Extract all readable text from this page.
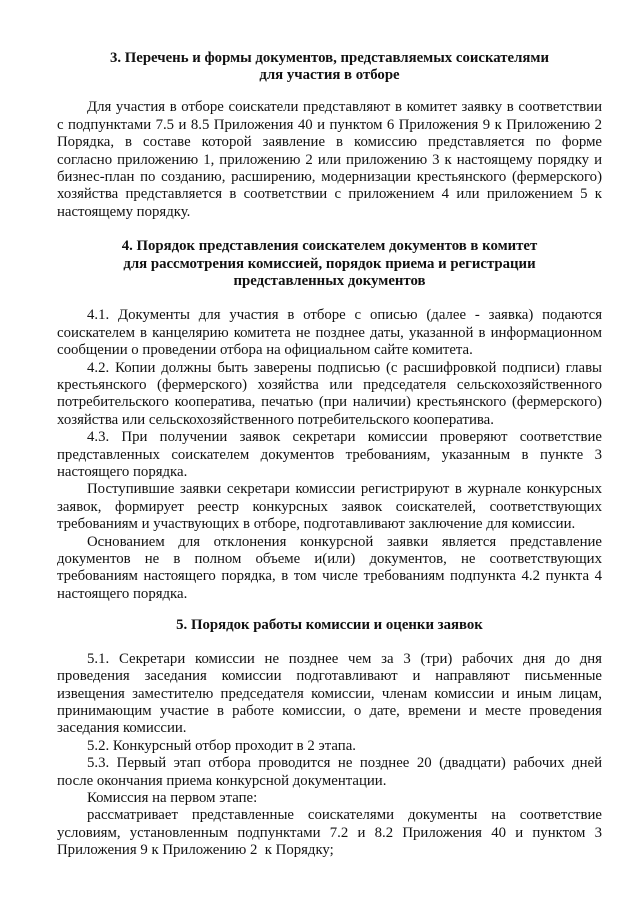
3. Перечень и формы документов, представляемых соискателями
для участия в отборе
Для участия в отборе соискатели представляют в комитет заявку в соответствии
с подпунктами 7.5 и 8.5 Приложения 40 и пунктом 6 Приложения 9 к Приложению 2
Порядка, в составе которой заявление в комиссию представляется по форме
согласно приложению 1, приложению 2 или приложению 3 к настоящему порядку и
бизнес-план по созданию, расширению, модернизации крестьянского (фермерского)
хозяйства представляется в соответствии с приложением 4 или приложением 5 к
настоящему порядку.
4. Порядок представления соискателем документов в комитет
для рассмотрения комиссией, порядок приема и регистрации
представленных документов
4.1. Документы для участия в отборе с описью (далее - заявка) подаются
соискателем в канцелярию комитета не позднее даты, указанной в информационном
сообщении о проведении отбора на официальном сайте комитета.
4.2. Копии должны быть заверены подписью (с расшифровкой подписи) главы
крестьянского (фермерского) хозяйства или председателя сельскохозяйственного
потребительского кооператива, печатью (при наличии) крестьянского (фермерского)
хозяйства или сельскохозяйственного потребительского кооператива.
4.3. При получении заявок секретари комиссии проверяют соответствие
представленных соискателем документов требованиям, указанным в пункте 3
настоящего порядка.
Поступившие заявки секретари комиссии регистрируют в журнале конкурсных
заявок, формирует реестр конкурсных заявок соискателей, соответствующих
требованиям и участвующих в отборе, подготавливают заключение для комиссии.
Основанием для отклонения конкурсной заявки является представление
документов не в полном объеме и(или) документов, не соответствующих
требованиям настоящего порядка, в том числе требованиям подпункта 4.2 пункта 4
настоящего порядка.
5. Порядок работы комиссии и оценки заявок
5.1. Секретари комиссии не позднее чем за 3 (три) рабочих дня до дня
проведения заседания комиссии подготавливают и направляют письменные
извещения заместителю председателя комиссии, членам комиссии и иным лицам,
принимающим участие в работе комиссии, о дате, времени и месте проведения
заседания комиссии.
5.2. Конкурсный отбор проходит в 2 этапа.
5.3. Первый этап отбора проводится не позднее 20 (двадцати) рабочих дней
после окончания приема конкурсной документации.
Комиссия на первом этапе:
рассматривает представленные соискателями документы на соответствие
условиям, установленным подпунктами 7.2 и 8.2 Приложения 40 и пунктом 3
Приложения 9 к Приложению 2  к Порядку;
